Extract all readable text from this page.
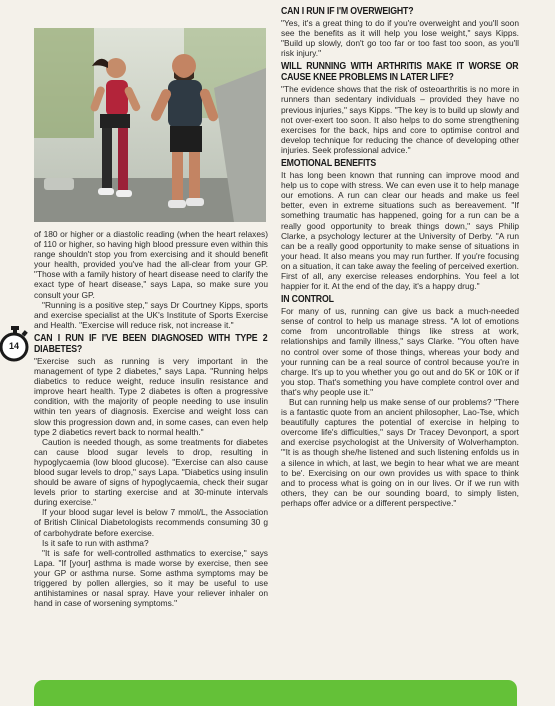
of 180 or higher or a diastolic reading (when the heart relaxes) of 110 or higher, so having high blood pressure even within this range shouldn't stop you from exercising and it should benefit your health, provided you've had the all-clear from your GP. "Those with a family history of heart disease need to clarify the exact type of heart disease," says Lapa, so make sure you consult your GP.

"Running is a positive step," says Dr Courtney Kipps, sports and exercise specialist at the UK's Institute of Sports Exercise and Health. "Exercise will reduce risk, not increase it."

CAN I RUN IF I'VE BEEN DIAGNOSED WITH TYPE 2 DIABETES?

"Exercise such as running is very important in the management of type 2 diabetes," says Lapa. "Running helps diabetics to reduce weight, reduce insulin resistance and improve heart health. Type 2 diabetes is often a progressive condition, with the majority of people needing to use insulin within ten years of diagnosis. Exercise and weight loss can slow this progression down and, in some cases, can even help type 2 diabetics revert back to normal health."

Caution is needed though, as some treatments for diabetes can cause blood sugar levels to drop, resulting in hypoglycaemia (low blood glucose). "Exercise can also cause blood sugar levels to drop," says Lapa. "Diabetics using insulin should be aware of signs of hypoglycaemia, check their sugar levels prior to starting exercise and at 30-minute intervals during exercise."

If your blood sugar level is below 7 mmol/L, the Association of British Clinical Diabetologists recommends consuming 30 g of carbohydrate before exercise.

Is it safe to run with asthma?

"It is safe for well-controlled asthmatics to exercise," says Lapa. "If [your] asthma is made worse by exercise, then see your GP or asthma nurse. Some asthma symptoms may be triggered by pollen allergies, so it may be useful to use antihistamines or nasal spray. Have your reliever inhaler on hand in case of worsening symptoms."

14
CAN I RUN IF I'M OVERWEIGHT?

"Yes, it's a great thing to do if you're overweight and you'll soon see the benefits as it will help you lose weight," says Kipps. "Build up slowly, don't go too far or too fast too soon, as you'll risk injury."

WILL RUNNING WITH ARTHRITIS MAKE IT WORSE OR CAUSE KNEE PROBLEMS IN LATER LIFE?

"The evidence shows that the risk of osteoarthritis is no more in runners than sedentary individuals – provided they have no previous injuries," says Kipps. "The key is to build up slowly and not over-exert too soon. It also helps to do some strengthening exercises for the back, hips and core to optimise control and develop technique for reducing the chance of developing other injuries. Seek professional advice."

EMOTIONAL BENEFITS

It has long been known that running can improve mood and help us to cope with stress. We can even use it to help manage our emotions. A run can clear our heads and make us feel better, even in extreme situations such as bereavement. "If something traumatic has happened, going for a run can be a really good opportunity to break things down," says Philip Clarke, a psychology lecturer at the University of Derby. "A run can be a really good opportunity to make sense of situations in your head. It also means you may run further. If you're focusing on a situation, it can take away the feeling of perceived exertion. First of all, any exercise releases endorphins. You feel a lot happier for it. At the end of the day, it's a happy drug."

IN CONTROL

For many of us, running can give us back a much-needed sense of control to help us manage stress. "A lot of emotions come from uncontrollable things like stress at work, relationships and family illness," says Clarke. "You often have no control over some of those things, whereas your body and your running can be a real source of control because you're in charge. It's up to you whether you go out and do 5K or 10K or if you stop. That's something you have complete control over and that's why people use it."

But can running help us make sense of our problems? "There is a fantastic quote from an ancient philosopher, Lao-Tse, which beautifully captures the potential of exercise in helping to overcome life's difficulties," says Dr Tracey Devonport, a sport and exercise psychologist at the University of Wolverhampton. "'It is as though she/he listened and such listening enfolds us in a silence in which, at last, we begin to hear what we are meant to be'. Exercising on our own provides us with space to think and to process what is going on in our lives. Or if we run with others, they can be our sounding board, to simply listen, perhaps offer advice or a different perspective."
